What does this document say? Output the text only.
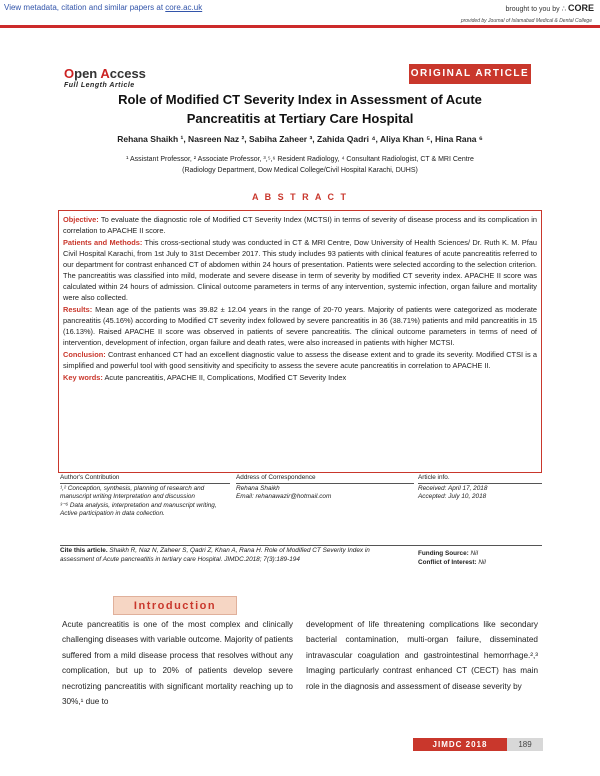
View metadata, citation and similar papers at core.ac.uk	brought to you by ∴ CORE
provided by Journal of Islamabad Medical & Dental College
Open Access
Full Length Article
ORIGINAL ARTICLE
Role of Modified CT Severity Index in Assessment of Acute
Pancreatitis at Tertiary Care Hospital
Rehana Shaikh ¹, Nasreen Naz ², Sabiha Zaheer ³, Zahida Qadri ⁴, Aliya Khan ⁵, Hina Rana ⁶
¹ Assistant Professor, ² Associate Professor, ³,⁵,⁶ Resident Radiology, ⁴ Consultant Radiologist, CT & MRI Centre
(Radiology Department, Dow Medical College/Civil Hospital Karachi, DUHS)
A B S T R A C T

Objective: To evaluate the diagnostic role of Modified CT Severity Index (MCTSI) in terms of severity of disease process and its complication in correlation to APACHE II score.

Patients and Methods: This cross-sectional study was conducted in CT & MRI Centre, Dow University of Health Sciences/ Dr. Ruth K. M. Pfau Civil Hospital Karachi, from 1st July to 31st December 2017. This study includes 93 patients with clinical features of acute pancreatitis referred to our department for contrast enhanced CT of abdomen within 24 hours of presentation. Patients were selected according to the selection criterion. The pancreatitis was classified into mild, moderate and severe disease in term of severity by modified CT severity index. APACHE II score was calculated within 24 hours of admission. Clinical outcome parameters in terms of any intervention, systemic infection, organ failure and mortality were also collected.

Results: Mean age of the patients was 39.82 ± 12.04 years in the range of 20-70 years. Majority of patients were categorized as moderate pancreatitis (45.16%) according to Modified CT severity index followed by severe pancreatitis in 36 (38.71%) patients and mild pancreatitis in 15 (16.13%). Raised APACHE II score was observed in patients of severe pancreatitis. The clinical outcome parameters in terms of need of intervention, development of infection, organ failure and death rates, were also increased in patients with higher MCTSI.

Conclusion: Contrast enhanced CT had an excellent diagnostic value to assess the disease extent and to grade its severity. Modified CTSI is a simplified and powerful tool with good sensitivity and specificity to assess the severe acute pancreatitis in correlation to APACHE II.

Key words: Acute pancreatitis, APACHE II, Complications, Modified CT Severity Index

Author's Contribution
¹,² Conception, synthesis, planning of research and manuscript writing Interpretation and discussion
³⁻⁶ Data analysis, interpretation and manuscript writing, Active participation in data collection.
Address of Correspondence
Rehana Shaikh
Email: rehanawazir@hotmail.com
Article info.
Received: April 17, 2018
Accepted: July 10, 2018
Cite this article. Shaikh R, Naz N, Zaheer S, Qadri Z, Khan A, Rana H. Role of Modified CT Severity Index in assessment of Acute pancreatitis in tertiary care Hospital. JIMDC.2018; 7(3):189-194
Funding Source: Nil
Conflict of Interest: Nil
Introduction
Acute pancreatitis is one of the most complex and clinically challenging diseases with variable outcome. Majority of patients suffered from a mild disease process that resolves without any complication, but up to 20% of patients develop severe necrotizing pancreatitis with significant mortality reaching up to 30%,¹ due to
development of life threatening complications like secondary bacterial contamination, multi-organ failure, disseminated intravascular coagulation and gastrointestinal hemorrhage.²,³ Imaging particularly contrast enhanced CT (CECT) has main role in the diagnosis and assessment of disease severity by
JIMDC 2018	189
